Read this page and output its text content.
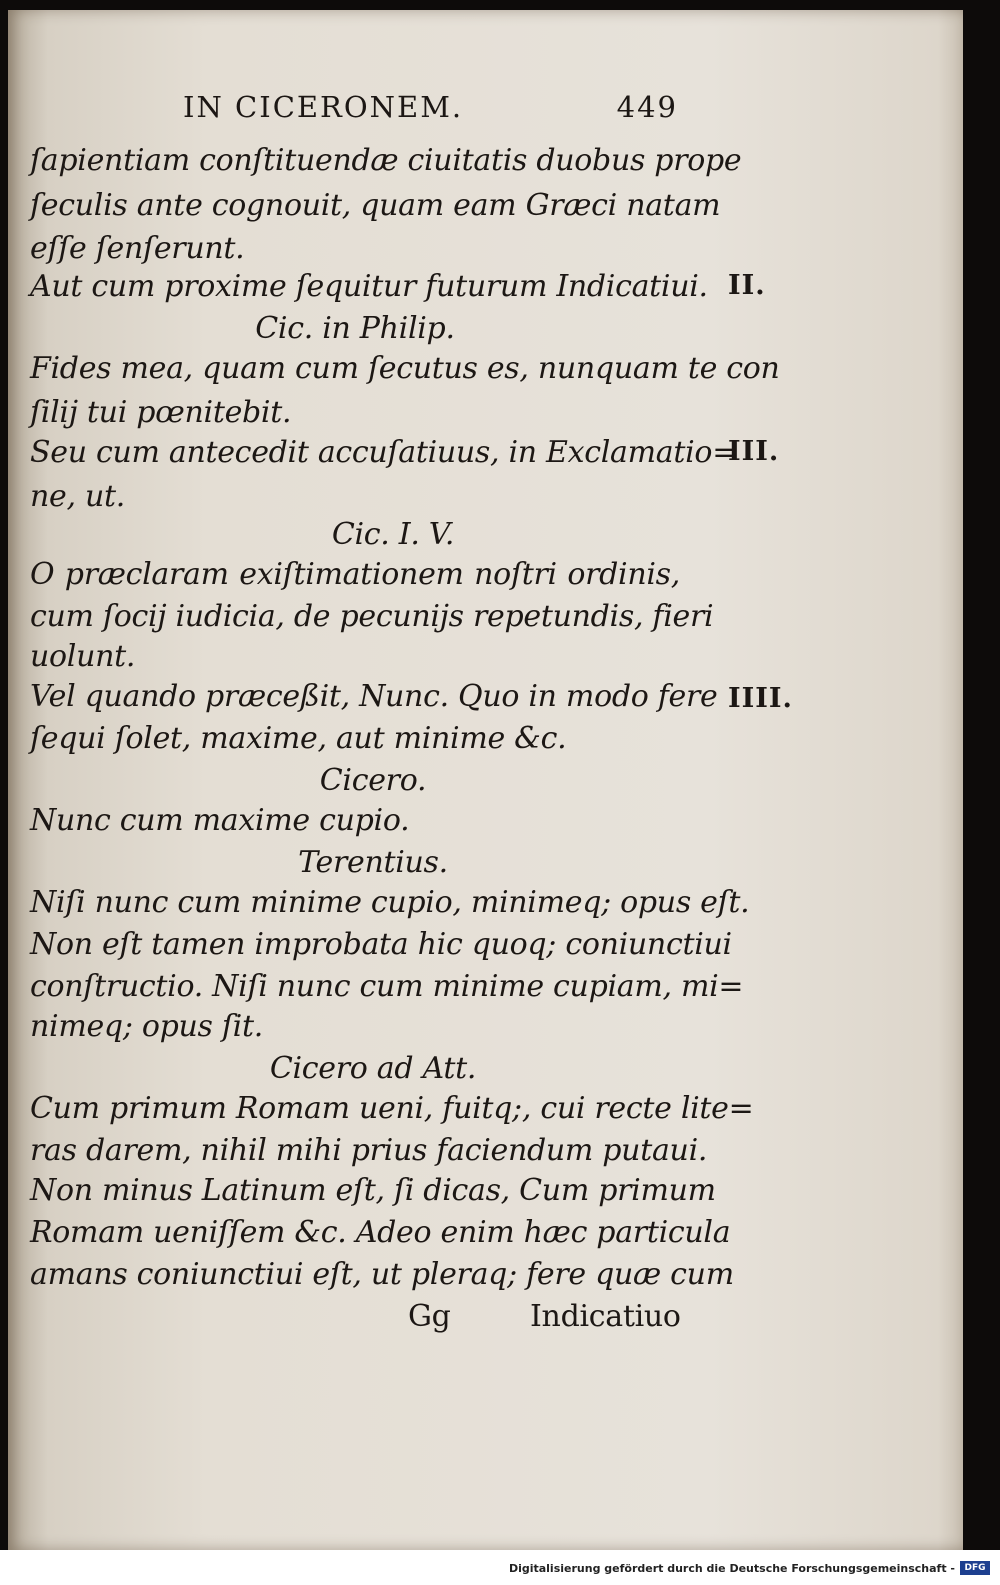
IN CICERONEM.	449
ſapientiam conſtituendæ ciuitatis duobus prope
ſeculis ante cognouit, quam eam Græci natam
eſſe ſenſerunt.
Aut cum proxime ſequitur futurum Indicatiui.
Cic. in Philip.
Fides mea, quam cum ſecutus es, nunquam te con
ſilij tui pœnitebit.
Seu cum antecedit accuſatiuus, in Exclamatio=
ne, ut.
Cic. I. V.
O præclaram exiſtimationem noſtri ordinis,
cum ſocij iudicia, de pecunijs repetundis, fieri
uolunt.
Vel quando præceßit, Nunc. Quo in modo fere
ſequi ſolet, maxime, aut minime &c.
Cicero.
Nunc cum maxime cupio.
Terentius.
Niſi nunc cum minime cupio, minimeq; opus eſt.
Non eſt tamen improbata hic quoq; coniunctiui
conſtructio. Niſi nunc cum minime cupiam, mi=
nimeq; opus ſit.
Cicero ad Att.
Cum primum Romam ueni, fuitq;, cui recte lite=
ras darem, nihil mihi prius faciendum putaui.
Non minus Latinum eſt, ſi dicas, Cum primum
Romam ueniſſem &c. Adeo enim hæc particula
amans coniunctiui eſt, ut pleraq; fere quæ cum
Gg	Indicatiuo
II.
III.
IIII.
Digitalisierung gefördert durch die Deutsche Forschungsgemeinschaft -	DFG
